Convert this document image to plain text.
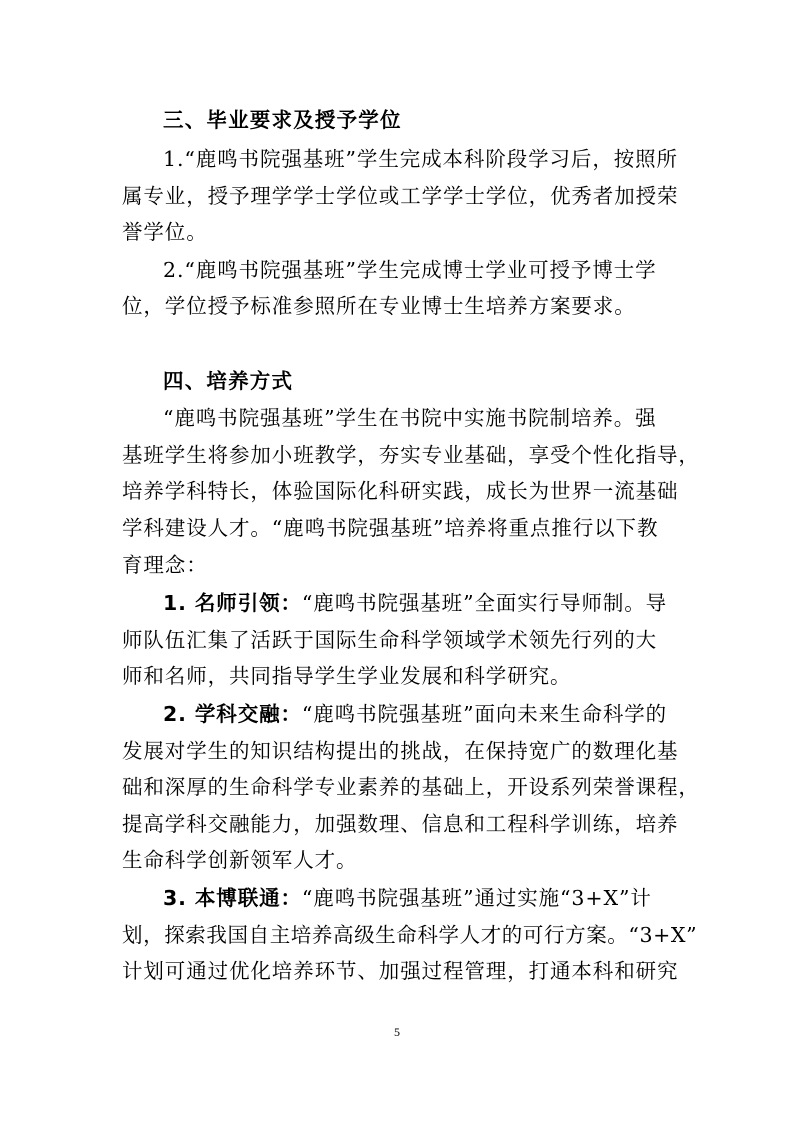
三、毕业要求及授予学位
1.“鹿鸣书院强基班”学生完成本科阶段学习后，按照所
属专业，授予理学学士学位或工学学士学位，优秀者加授荣
誉学位。
2.“鹿鸣书院强基班”学生完成博士学业可授予博士学
位，学位授予标准参照所在专业博士生培养方案要求。
四、培养方式
“鹿鸣书院强基班”学生在书院中实施书院制培养。强
基班学生将参加小班教学，夯实专业基础，享受个性化指导，
培养学科特长，体验国际化科研实践，成长为世界一流基础
学科建设人才。“鹿鸣书院强基班”培养将重点推行以下教
育理念：
1. 名师引领：“鹿鸣书院强基班”全面实行导师制。导
师队伍汇集了活跃于国际生命科学领域学术领先行列的大
师和名师，共同指导学生学业发展和科学研究。
2. 学科交融：“鹿鸣书院强基班”面向未来生命科学的
发展对学生的知识结构提出的挑战，在保持宽广的数理化基
础和深厚的生命科学专业素养的基础上，开设系列荣誉课程，
提高学科交融能力，加强数理、信息和工程科学训练，培养
生命科学创新领军人才。
3. 本博联通：“鹿鸣书院强基班”通过实施“3+X”计
划，探索我国自主培养高级生命科学人才的可行方案。“3+X”
计划可通过优化培养环节、加强过程管理，打通本科和研究
5
